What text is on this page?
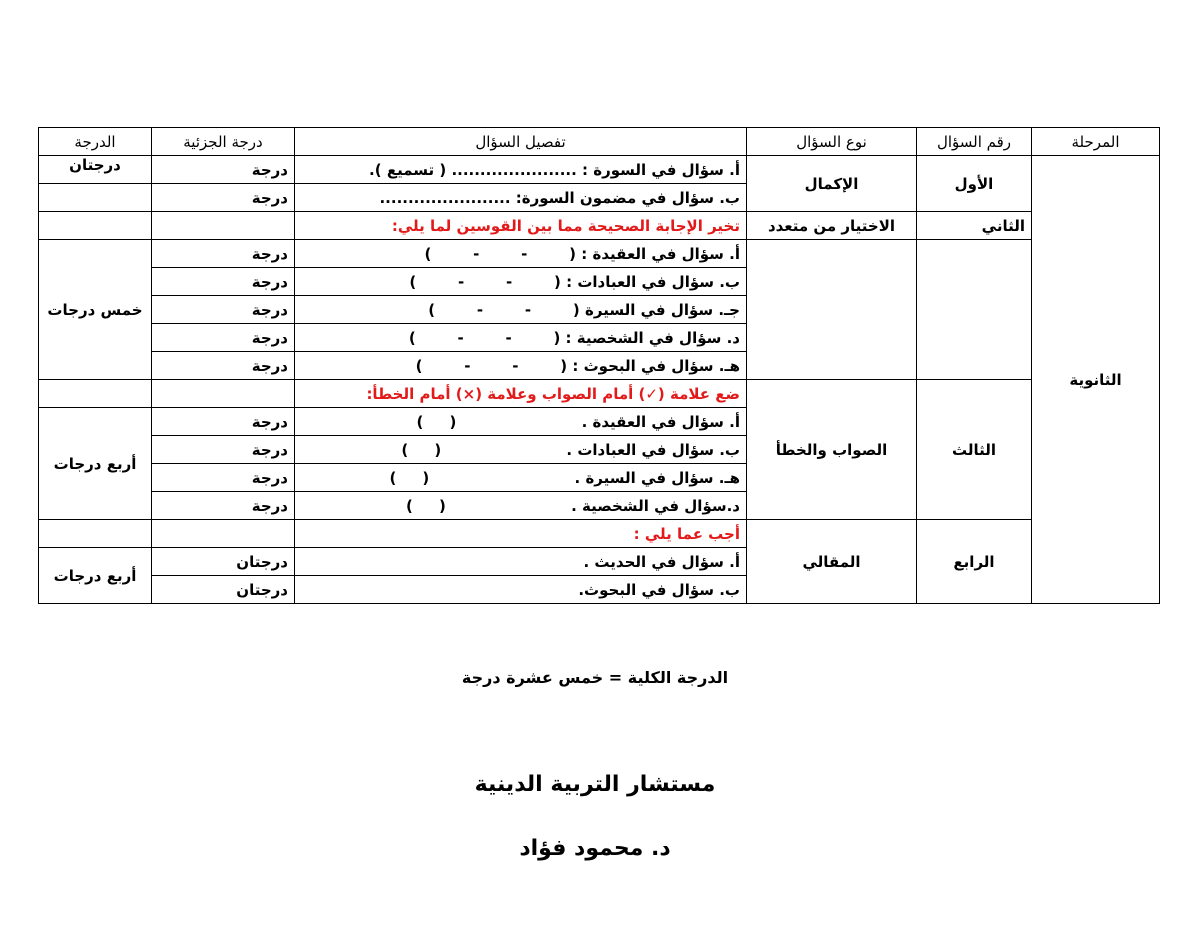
المرحلة	رقم السؤال	نوع السؤال	تفصيل السؤال	درجة الجزئية	الدرجة
الثانوية	الأول	الإكمال	أ. سؤال في السورة : ...................... ( تسميع ).	درجة	درجتان
			ب. سؤال في مضمون السورة: .......................	درجة	
	الثاني	الاختيار من متعدد	تخير الإجابة الصحيحة مما بين القوسين لما يلي:		
			أ. سؤال في العقيدة : (        -        -        )	درجة	خمس درجات
			ب. سؤال في العبادات : (        -        -        )	درجة	
			جـ. سؤال في السيرة (        -        -        )	درجة	
			د. سؤال في الشخصية : (        -        -        )	درجة	
			هـ. سؤال في البحوث : (        -        -        )	درجة	
	الثالث	الصواب والخطأ	ضع علامة (✓) أمام الصواب وعلامة (×) أمام الخطأ:		
			أ. سؤال في العقيدة . (     )	درجة	أربع درجات
			ب. سؤال في العبادات . (     )	درجة	
			هـ. سؤال في السيرة . (     )	درجة	
			د.سؤال في الشخصية . (     )	درجة	
	الرابع	المقالي	أجب عما يلي :		
			أ. سؤال في الحديث .	درجتان	أربع درجات
			ب. سؤال في البحوث.	درجتان	
الدرجة الكلية = خمس عشرة درجة
مستشار التربية الدينية
د. محمود فؤاد
